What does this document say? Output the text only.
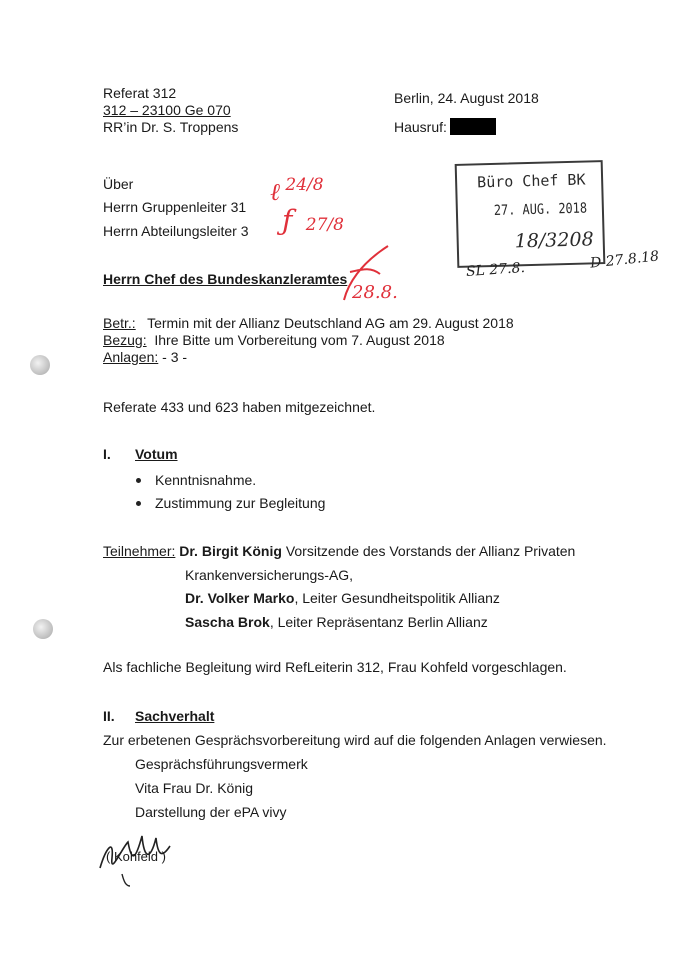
Referat 312
312 – 23100 Ge 070
RR’in Dr. S. Troppens
Berlin, 24. August 2018
Hausruf:
Über
Herrn Gruppenleiter 31
Herrn Abteilungsleiter 3
Herrn Chef des Bundeskanzleramtes
ℓ 24/8
ƒ 27/8
28.8.
Büro Chef BK
27. AUG. 2018
18/3208
SL 27.8.	D 27.8.18
Betr.: Termin mit der Allianz Deutschland AG am 29. August 2018
Bezug: Ihre Bitte um Vorbereitung vom 7. August 2018
Anlagen: - 3 -
Referate 433 und 623 haben mitgezeichnet.
I. Votum
Kenntnisnahme.
Zustimmung zur Begleitung
Teilnehmer: Dr. Birgit König Vorsitzende des Vorstands der Allianz Privaten
Krankenversicherungs-AG,
Dr. Volker Marko, Leiter Gesundheitspolitik Allianz
Sascha Brok, Leiter Repräsentanz Berlin Allianz
Als fachliche Begleitung wird RefLeiterin 312, Frau Kohfeld vorgeschlagen.
II. Sachverhalt
Zur erbetenen Gesprächsvorbereitung wird auf die folgenden Anlagen verwiesen.
Gesprächsführungsvermerk
Vita Frau Dr. König
Darstellung der ePA vivy
( Kohfeld )
